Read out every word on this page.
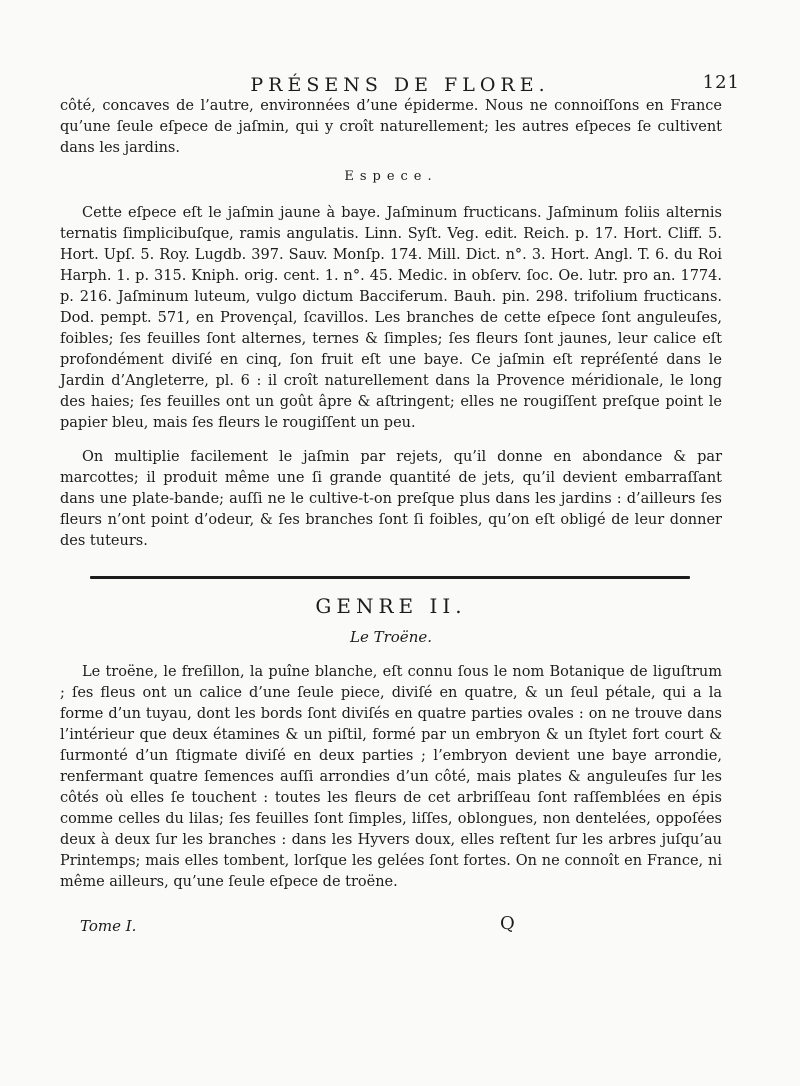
PRÉSENS DE FLORE.	121

côté, concaves de l’autre, environnées d’une épiderme. Nous ne connoiſſons en France qu’une ſeule eſpece de jaſmin, qui y croît naturellement; les autres eſpeces ſe cultivent dans les jardins.

Espece.

Cette eſpece eſt le jaſmin jaune à baye. Jaſminum fructicans. Jaſminum foliis alternis ternatis ſimplicibuſque, ramis angulatis. Linn. Syſt. Veg. edit. Reich. p. 17. Hort. Cliff. 5. Hort. Upſ. 5. Roy. Lugdb. 397. Sauv. Monſp. 174. Mill. Dict. n°. 3. Hort. Angl. T. 6. du Roi Harph. 1. p. 315. Kniph. orig. cent. 1. n°. 45. Medic. in obſerv. ſoc. Oe. lutr. pro an. 1774. p. 216. Jaſminum luteum, vulgo dictum Bacciferum. Bauh. pin. 298. trifolium fructicans. Dod. pempt. 571, en Provençal, ſcavillos. Les branches de cette eſpece ſont anguleuſes, foibles; ſes feuilles ſont alternes, ternes & ſimples; ſes fleurs ſont jaunes, leur calice eſt profondément diviſé en cinq, ſon fruit eſt une baye. Ce jaſmin eſt repréſenté dans le Jardin d’Angleterre, pl. 6 : il croît naturellement dans la Provence méridionale, le long des haies; ſes feuilles ont un goût âpre & aſtringent; elles ne rougiſſent preſque point le papier bleu, mais ſes fleurs le rougiſſent un peu.

On multiplie facilement le jaſmin par rejets, qu’il donne en abondance & par marcottes; il produit même une ſi grande quantité de jets, qu’il devient embarraſſant dans une plate-bande; auſſi ne le cultive-t-on preſque plus dans les jardins : d’ailleurs ſes fleurs n’ont point d’odeur, & ſes branches ſont ſi foibles, qu’on eſt obligé de leur donner des tuteurs.

GENRE II.
Le Troëne.

Le troëne, le freſillon, la puîne blanche, eſt connu ſous le nom Botanique de liguſtrum ; ſes fleus ont un calice d’une ſeule piece, diviſé en quatre, & un ſeul pétale, qui a la forme d’un tuyau, dont les bords ſont diviſés en quatre parties ovales : on ne trouve dans l’intérieur que deux étamines & un piſtil, formé par un embryon & un ſtylet fort court & ſurmonté d’un ſtigmate diviſé en deux parties ; l’embryon devient une baye arrondie, renfermant quatre ſemences auſſi arrondies d’un côté, mais plates & anguleuſes ſur les côtés où elles ſe touchent : toutes les fleurs de cet arbriſſeau ſont raſſemblées en épis comme celles du lilas; ſes feuilles ſont ſimples, liſſes, oblongues, non dentelées, oppoſées deux à deux ſur les branches : dans les Hyvers doux, elles reſtent ſur les arbres juſqu’au Printemps; mais elles tombent, lorſque les gelées ſont fortes. On ne connoît en France, ni même ailleurs, qu’une ſeule eſpece de troëne.

Tome I.	Q
